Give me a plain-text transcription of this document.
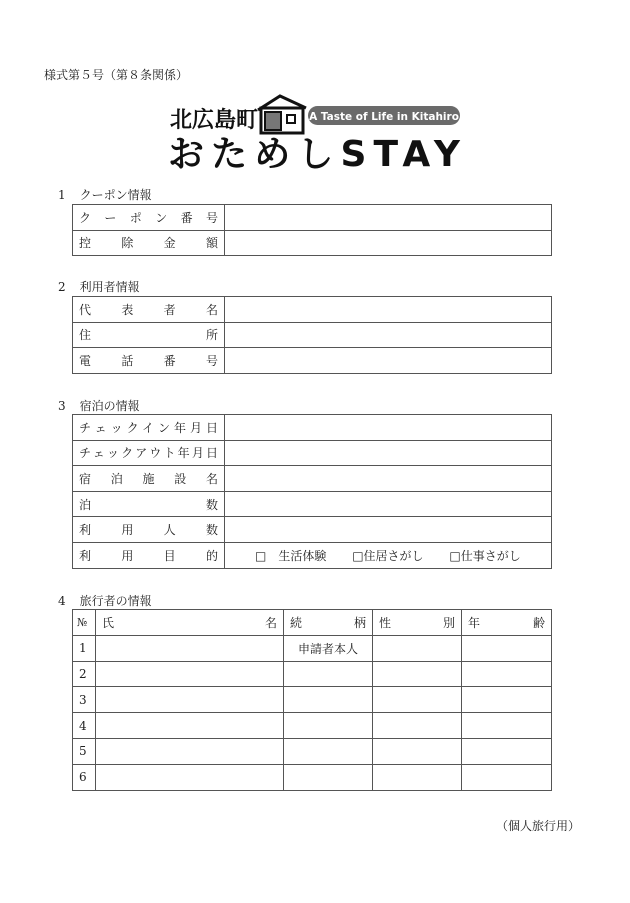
様式第５号（第８条関係）
北広島町	A Taste of Life in Kitahiro
おためしSTAY
1 クーポン情報
クーポン番号	
控除金額	
2 利用者情報
代表者名	
住　所	
電話番号	
3 宿泊の情報
チェックイン年月日	
チェックアウト年月日	
宿泊施設名	
泊　数	
利用人数	
利用目的	□　 生活体験 □住居さがし □仕事さがし
4 旅行者の情報
№	氏　名	続　柄	性　別	年　齢
1		申請者本人		
2				
3				
4				
5				
6				
（個人旅行用）
